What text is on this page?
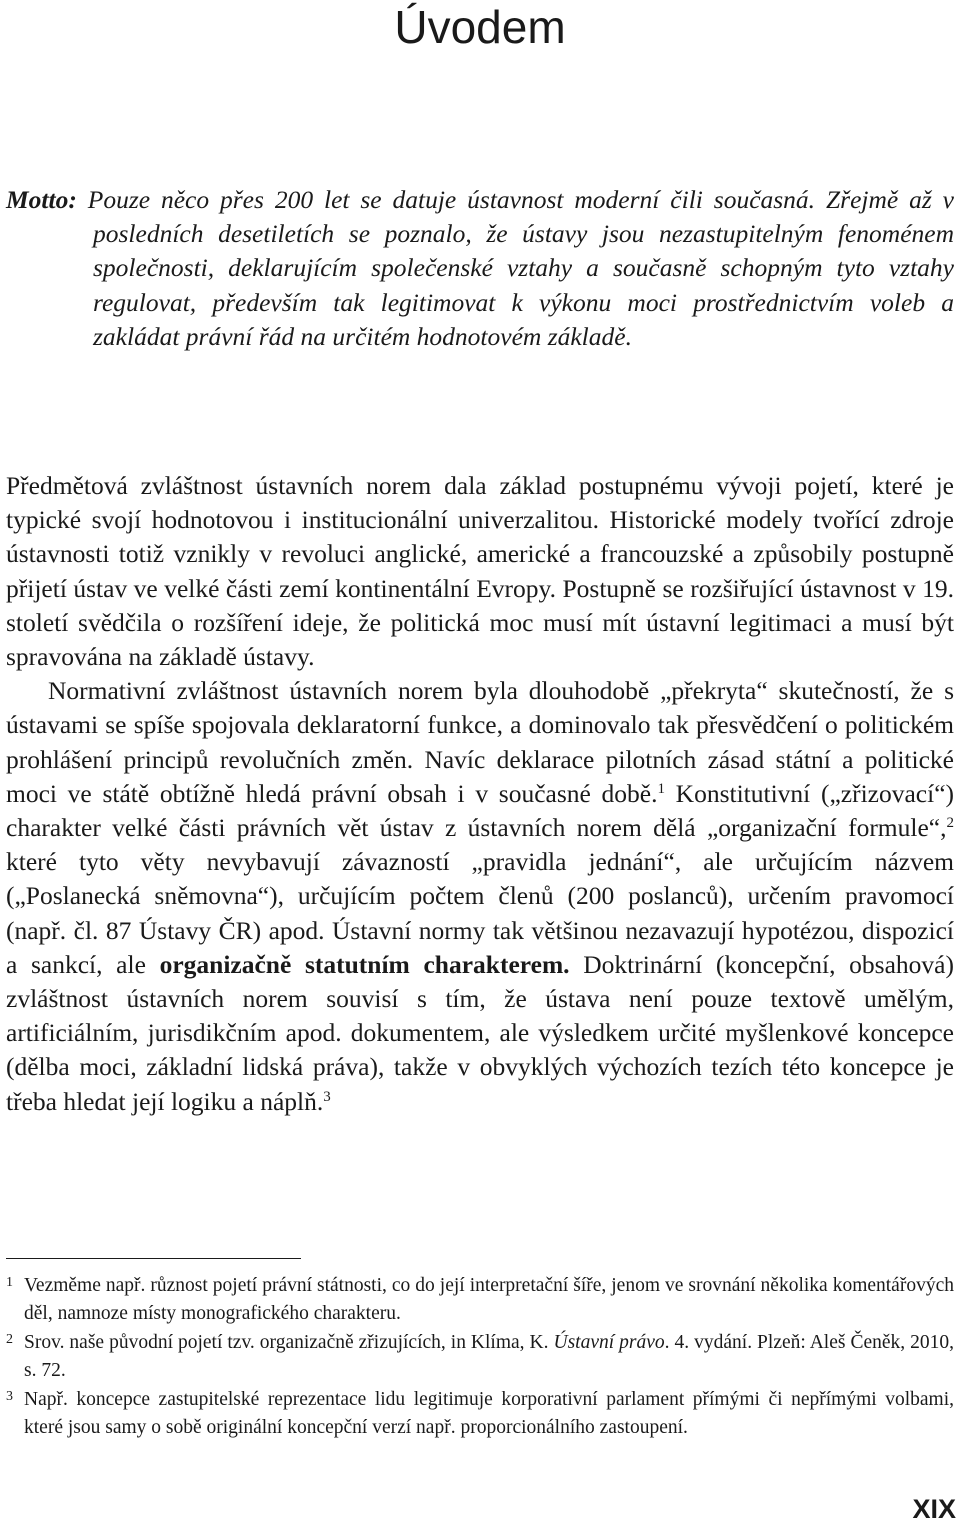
Úvodem
Motto: Pouze něco přes 200 let se datuje ústavnost moderní čili současná. Zřejmě až v posledních desetiletích se poznalo, že ústavy jsou nezastupitelným fenoménem společnosti, deklarujícím společenské vztahy a současně schopným tyto vztahy regulovat, především tak legitimovat k výkonu moci prostřednictvím voleb a zakládat právní řád na určitém hodnotovém základě.

Předmětová zvláštnost ústavních norem dala základ postupnému vývoji pojetí, které je typické svojí hodnotovou i institucionální univerzalitou. Historické modely tvořící zdroje ústavnosti totiž vznikly v revoluci anglické, americké a francouzské a způsobily postupně přijetí ústav ve velké části zemí kontinentální Evropy. Postupně se rozšiřující ústavnost v 19. století svědčila o rozšíření ideje, že politická moc musí mít ústavní legitimaci a musí být spravována na základě ústavy.

Normativní zvláštnost ústavních norem byla dlouhodobě „překryta“ skutečností, že s ústavami se spíše spojovala deklaratorní funkce, a dominovalo tak přesvědčení o politickém prohlášení principů revolučních změn. Navíc deklarace pilotních zásad státní a politické moci ve státě obtížně hledá právní obsah i v současné době.$^1$ Konstitutivní („zřizovací“) charakter velké části právních vět ústav z ústavních norem dělá „organizační formule“,$^2$ které tyto věty nevybavují závazností „pravidla jednání“, ale určujícím názvem („Poslanecká sněmovna“), určujícím počtem členů (200 poslanců), určením pravomocí (např. čl. 87 Ústavy ČR) apod. Ústavní normy tak většinou nezavazují hypotézou, dispozicí a sankcí, ale organizačně statutním charakterem. Doktrinární (koncepční, obsahová) zvláštnost ústavních norem souvisí s tím, že ústava není pouze textově umělým, artificiálním, jurisdikčním apod. dokumentem, ale výsledkem určité myšlenkové koncepce (dělba moci, základní lidská práva), takže v obvyklých výchozích tezích této koncepce je třeba hledat její logiku a náplň.$^3$

1 Vezměme např. různost pojetí právní státnosti, co do její interpretační šíře, jenom ve srovnání několika komentářových děl, namnoze místy monografického charakteru.
2 Srov. naše původní pojetí tzv. organizačně zřizujících, in Klíma, K. Ústavní právo. 4. vydání. Plzeň: Aleš Čeněk, 2010, s. 72.
3 Např. koncepce zastupitelské reprezentace lidu legitimuje korporativní parlament přímými či nepřímými volbami, které jsou samy o sobě originální koncepční verzí např. proporcionálního zastoupení.
XIX
